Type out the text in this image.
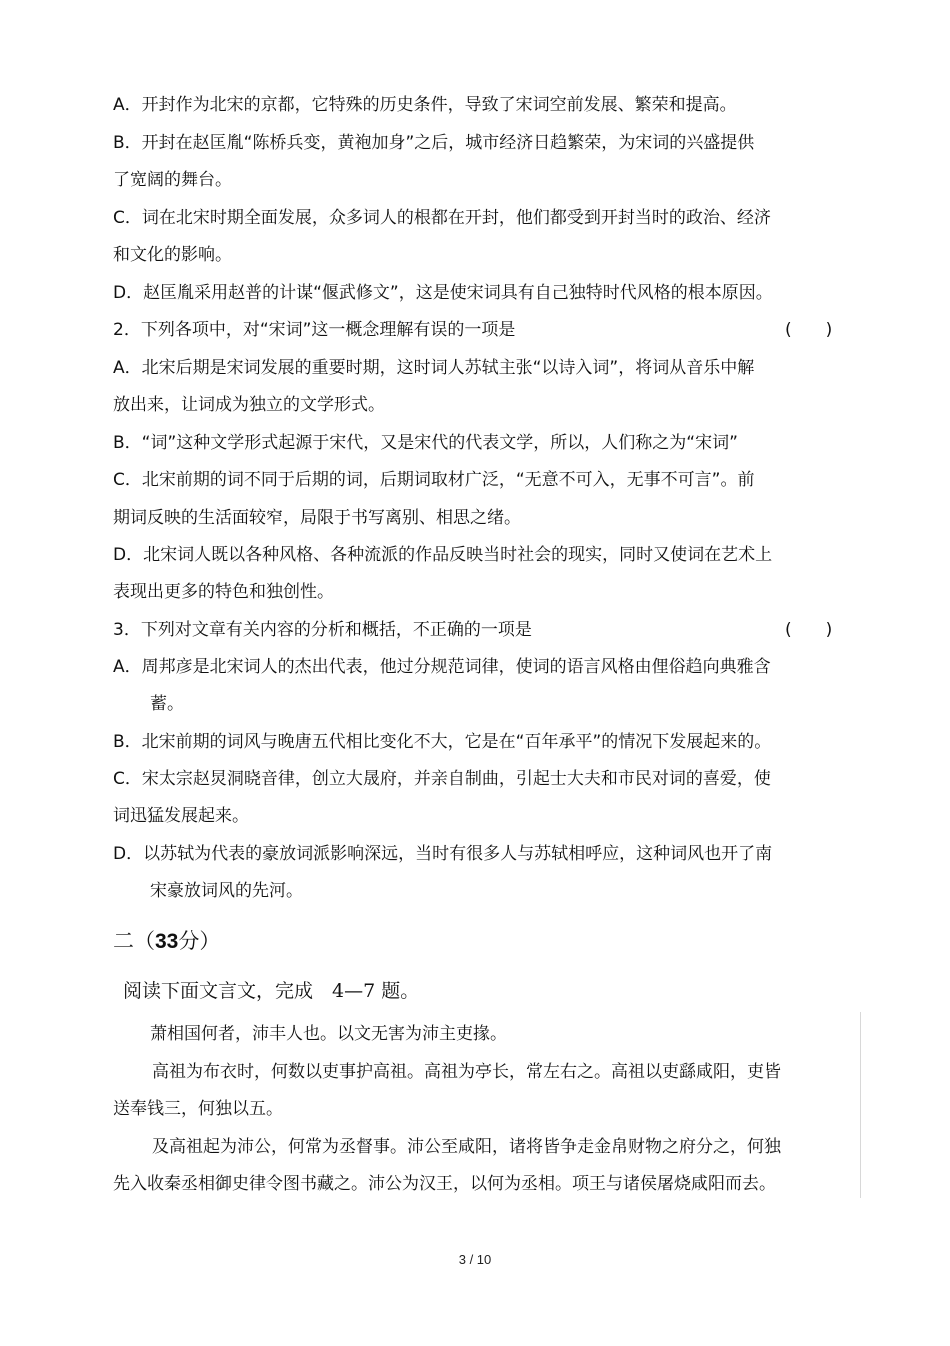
A．开封作为北宋的京都，它特殊的历史条件，导致了宋词空前发展、繁荣和提高。
B．开封在赵匡胤“陈桥兵变，黄袍加身”之后，城市经济日趋繁荣，为宋词的兴盛提供
了宽阔的舞台。
C．词在北宋时期全面发展，众多词人的根都在开封，他们都受到开封当时的政治、经济
和文化的影响。
D．赵匡胤采用赵普的计谋“偃武修文”，这是使宋词具有自己独特时代风格的根本原因。
2．下列各项中，对“宋词”这一概念理解有误的一项是	(　　)
A．北宋后期是宋词发展的重要时期，这时词人苏轼主张“以诗入词”，将词从音乐中解
放出来，让词成为独立的文学形式。
B．“词”这种文学形式起源于宋代，又是宋代的代表文学，所以，人们称之为“宋词”
C．北宋前期的词不同于后期的词，后期词取材广泛，“无意不可入，无事不可言”。前
期词反映的生活面较窄，局限于书写离别、相思之绪。
D．北宋词人既以各种风格、各种流派的作品反映当时社会的现实，同时又使词在艺术上
表现出更多的特色和独创性。
3．下列对文章有关内容的分析和概括，不正确的一项是	(　　)
A．周邦彦是北宋词人的杰出代表，他过分规范词律，使词的语言风格由俚俗趋向典雅含
蓄。
B．北宋前期的词风与晚唐五代相比变化不大，它是在“百年承平”的情况下发展起来的。
C．宋太宗赵炅洞晓音律，创立大晟府，并亲自制曲，引起士大夫和市民对词的喜爱，使
词迅猛发展起来。
D．以苏轼为代表的豪放词派影响深远，当时有很多人与苏轼相呼应，这种词风也开了南
宋豪放词风的先河。
二（33分）
阅读下面文言文，完成　4—7 题。
萧相国何者，沛丰人也。以文无害为沛主吏掾。
高祖为布衣时，何数以吏事护高祖。高祖为亭长，常左右之。高祖以吏繇咸阳，吏皆
送奉钱三，何独以五。
及高祖起为沛公，何常为丞督事。沛公至咸阳，诸将皆争走金帛财物之府分之，何独
先入收秦丞相御史律令图书藏之。沛公为汉王，以何为丞相。项王与诸侯屠烧咸阳而去。
3 / 10
